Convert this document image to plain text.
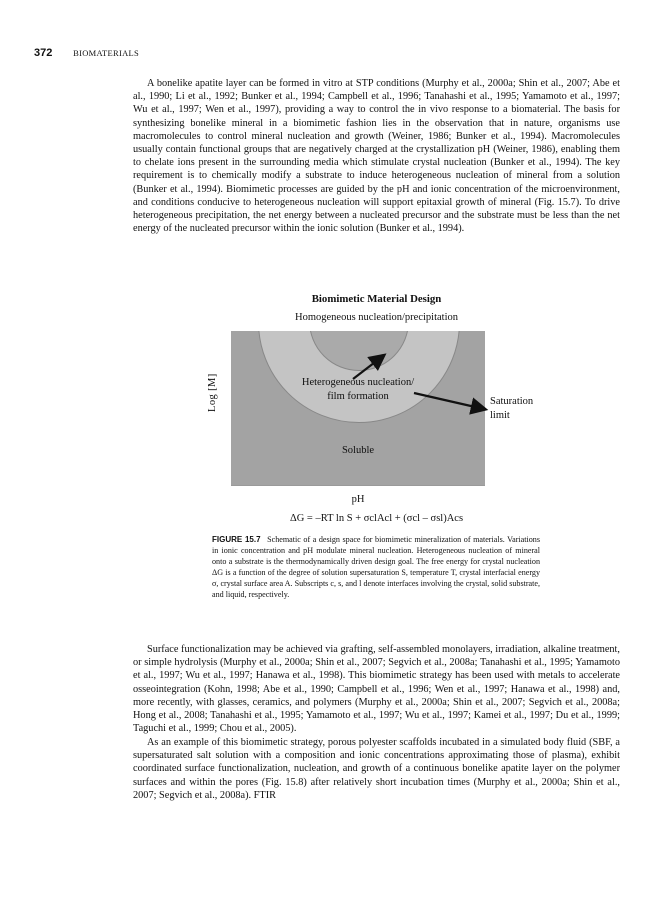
372 BIOMATERIALS

A bonelike apatite layer can be formed in vitro at STP conditions (Murphy et al., 2000a; Shin et al., 2007; Abe et al., 1990; Li et al., 1992; Bunker et al., 1994; Campbell et al., 1996; Tanahashi et al., 1995; Yamamoto et al., 1997; Wu et al., 1997; Wen et al., 1997), providing a way to control the in vivo response to a biomaterial. The basis for synthesizing bonelike mineral in a biomimetic fashion lies in the observation that in nature, organisms use macromolecules to control mineral nucleation and growth (Weiner, 1986; Bunker et al., 1994). Macromolecules usually contain functional groups that are negatively charged at the crystallization pH (Weiner, 1986), enabling them to chelate ions present in the surrounding media which stimulate crystal nucleation (Bunker et al., 1994). The key requirement is to chemically modify a substrate to induce heterogeneous nucleation of mineral from a solution (Bunker et al., 1994). Biomimetic processes are guided by the pH and ionic concentration of the microenvironment, and conditions conducive to heterogeneous nucleation will support epitaxial growth of mineral (Fig. 15.7). To drive heterogeneous precipitation, the net energy between a nucleated precursor and the substrate must be less than the net energy of the nucleated precursor within the ionic solution (Bunker et al., 1994).

Biomimetic Material Design
Homogeneous nucleation/precipitation
Heterogeneous nucleation/
film formation
Soluble
Log [M]	Saturation
limit
pH
ΔG = –RT ln S + σclAcl + (σcl – σsl)Acs

FIGURE 15.7 Schematic of a design space for biomimetic mineralization of materials. Variations in ionic concentration and pH modulate mineral nucleation. Heterogeneous nucleation of mineral onto a substrate is the thermodynamically driven design goal. The free energy for crystal nucleation ΔG is a function of the degree of solution supersaturation S, temperature T, crystal interfacial energy σ, crystal surface area A. Subscripts c, s, and l denote interfaces involving the crystal, solid substrate, and liquid, respectively.

Surface functionalization may be achieved via grafting, self-assembled monolayers, irradiation, alkaline treatment, or simple hydrolysis (Murphy et al., 2000a; Shin et al., 2007; Segvich et al., 2008a; Tanahashi et al., 1995; Yamamoto et al., 1997; Wu et al., 1997; Hanawa et al., 1998). This biomimetic strategy has been used with metals to accelerate osseointegration (Kohn, 1998; Abe et al., 1990; Campbell et al., 1996; Wen et al., 1997; Hanawa et al., 1998) and, more recently, with glasses, ceramics, and polymers (Murphy et al., 2000a; Shin et al., 2007; Segvich et al., 2008a; Hong et al., 2008; Tanahashi et al., 1995; Yamamoto et al., 1997; Wu et al., 1997; Kamei et al., 1997; Du et al., 1999; Taguchi et al., 1999; Chou et al., 2005).

As an example of this biomimetic strategy, porous polyester scaffolds incubated in a simulated body fluid (SBF, a supersaturated salt solution with a composition and ionic concentrations approximating those of plasma), exhibit coordinated surface functionalization, nucleation, and growth of a continuous bonelike apatite layer on the polymer surfaces and within the pores (Fig. 15.8) after relatively short incubation times (Murphy et al., 2000a; Shin et al., 2007; Segvich et al., 2008a). FTIR
